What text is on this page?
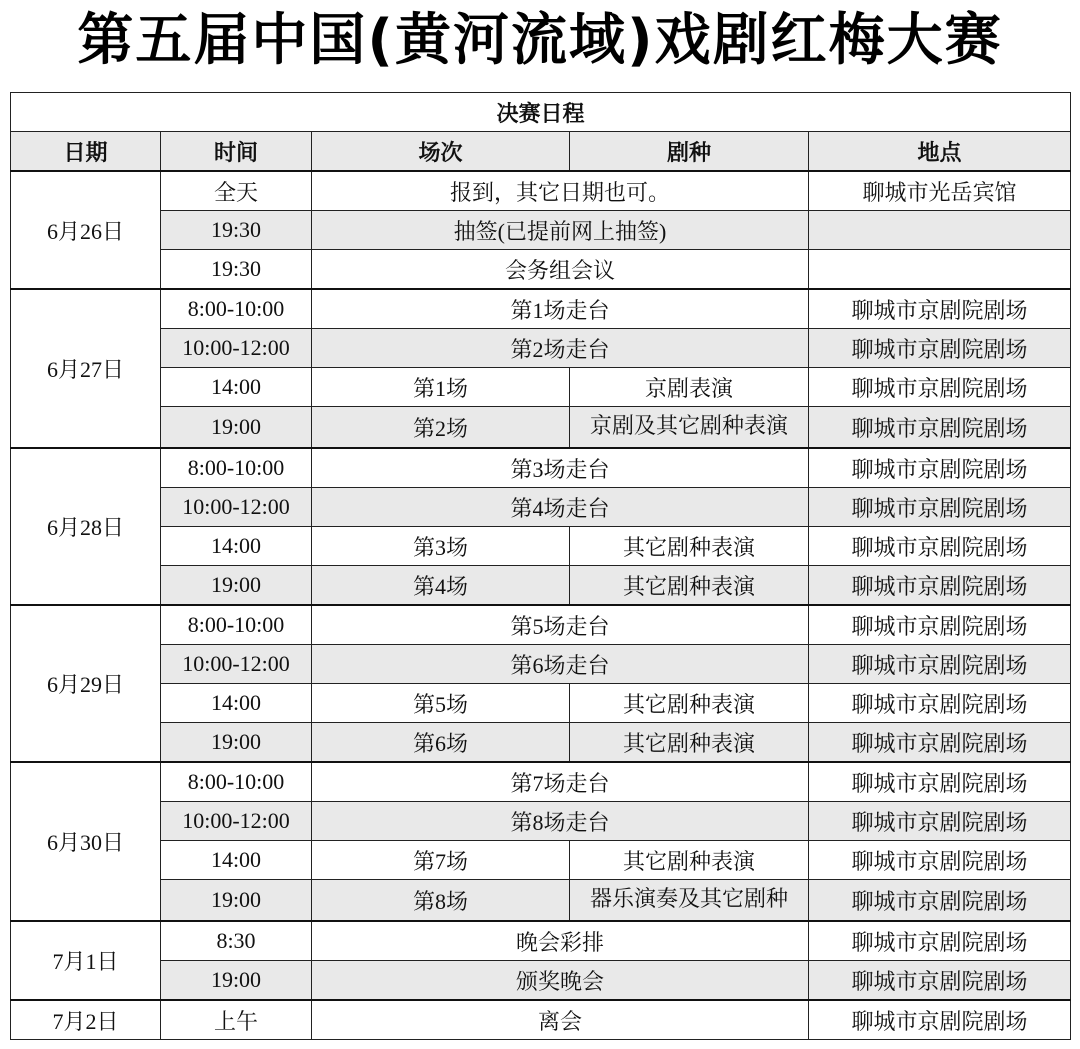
第五届中国(黄河流域)戏剧红梅大赛
决赛日程				
日期	时间	场次	剧种	地点
6月26日	全天	报到，其它日期也可。		聊城市光岳宾馆
	19:30	抽签(已提前网上抽签)		
	19:30	会务组会议		
6月27日	8:00-10:00	第1场走台		聊城市京剧院剧场
	10:00-12:00	第2场走台		聊城市京剧院剧场
	14:00	第1场	京剧表演	聊城市京剧院剧场
	19:00	第2场	京剧及其它剧种表演	聊城市京剧院剧场
6月28日	8:00-10:00	第3场走台		聊城市京剧院剧场
	10:00-12:00	第4场走台		聊城市京剧院剧场
	14:00	第3场	其它剧种表演	聊城市京剧院剧场
	19:00	第4场	其它剧种表演	聊城市京剧院剧场
6月29日	8:00-10:00	第5场走台		聊城市京剧院剧场
	10:00-12:00	第6场走台		聊城市京剧院剧场
	14:00	第5场	其它剧种表演	聊城市京剧院剧场
	19:00	第6场	其它剧种表演	聊城市京剧院剧场
6月30日	8:00-10:00	第7场走台		聊城市京剧院剧场
	10:00-12:00	第8场走台		聊城市京剧院剧场
	14:00	第7场	其它剧种表演	聊城市京剧院剧场
	19:00	第8场	器乐演奏及其它剧种	聊城市京剧院剧场
7月1日	8:30	晚会彩排		聊城市京剧院剧场
	19:00	颁奖晚会		聊城市京剧院剧场
7月2日	上午	离会		聊城市京剧院剧场
